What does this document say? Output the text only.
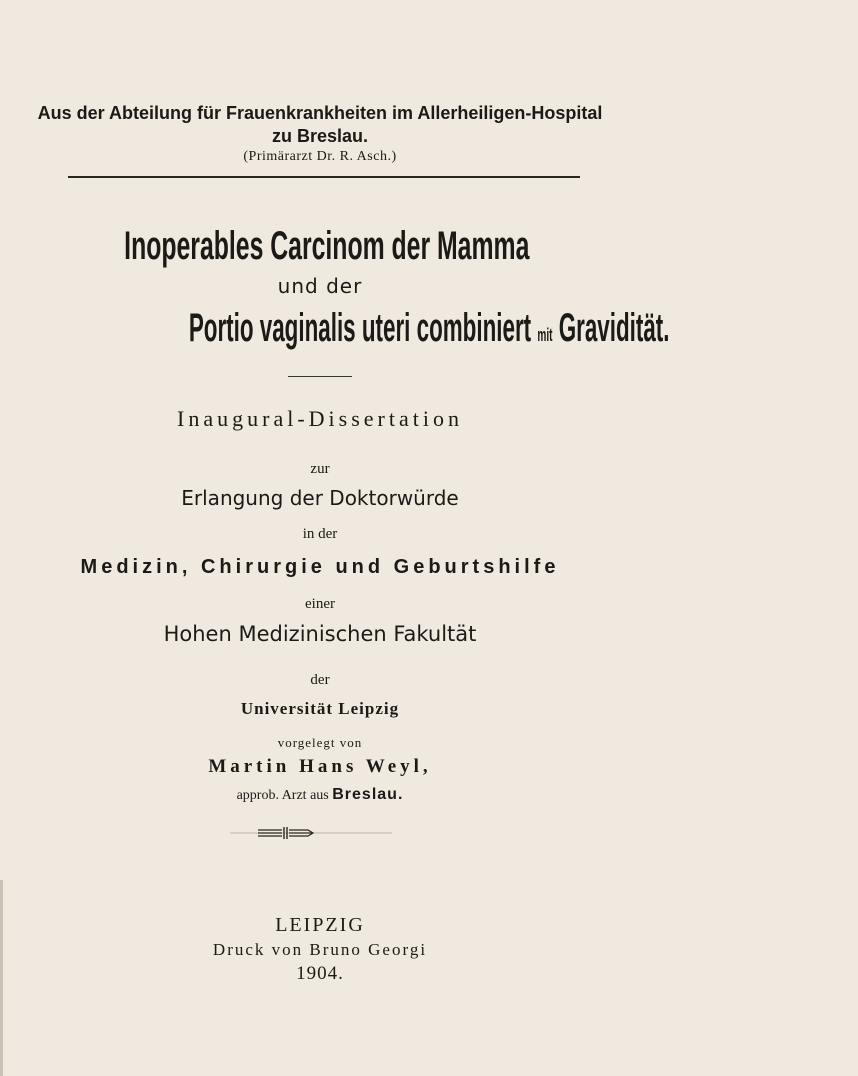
Aus der Abteilung für Frauenkrankheiten im Allerheiligen-Hospital
zu Breslau.
(Primärarzt Dr. R. Asch.)
Inoperables Carcinom der Mamma
und der
Portio vaginalis uteri combiniert mit Gravidität.
Inaugural-Dissertation
zur
Erlangung der Doktorwürde
in der
Medizin, Chirurgie und Geburtshilfe
einer
Hohen Medizinischen Fakultät
der
Universität Leipzig
vorgelegt von
Martin Hans Weyl,
approb. Arzt aus Breslau.
LEIPZIG
Druck von Bruno Georgi
1904.
